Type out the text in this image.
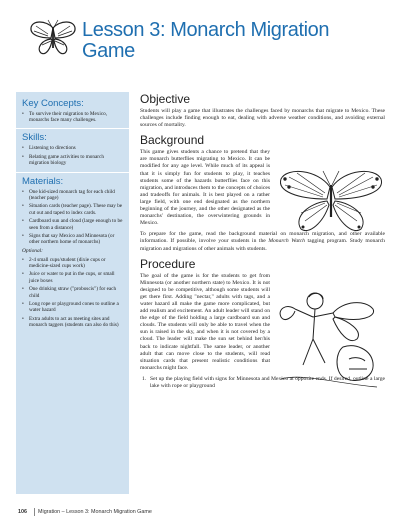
Lesson 3: Monarch Migration
Game
Key Concepts:
• To survive their migration to Mexico, monarchs face many challenges.
Skills:
• Listening to directions
• Relating game activities to monarch migration biology
Materials:
• One kid-sized monarch tag for each child (teacher page)
• Situation cards (teacher page). These may be cut out and taped to index cards.
• Cardboard sun and cloud (large enough to be seen from a distance)
• Signs that say Mexico and Minnesota (or other northern home of monarchs)
Optional:
• 2-4 small cups/student (dixie cups or medicine-sized cups work)
• Juice or water to put in the cups, or small juice boxes
• One drinking straw ("proboscis") for each child
• Long rope or playground cones to outline a water hazard
• Extra adults to act as meeting sites and monarch taggers (students can also do this)
Objective

Students will play a game that illustrates the challenges faced by monarchs that migrate to Mexico. These challenges include finding enough to eat, dealing with adverse weather conditions, and avoiding external sources of mortality.

Background

This game gives students a chance to pretend that they are monarch butterflies migrating to Mexico. It can be modified for any age level. While much of its appeal is that it is simply fun for students to play, it teaches students some of the hazards butterflies face on this migration, and introduces them to the concepts of choices and tradeoffs for animals. It is best played on a rather large field, with one end designated as the northern beginning of the journey, and the other designated as the monarchs' destination, the overwintering grounds in Mexico.

To prepare for the game, read the background material on monarch migration, and other available information. If possible, involve your students in the Monarch Watch tagging program. Study monarch migration and migrations of other animals with students.

Procedure

The goal of the game is for the students to get from Minnesota (or another northern state) to Mexico. It is not designed to be competitive, although some students will get there first. Adding "nectar," adults with tags, and a water hazard all make the game more complicated, but add realism and excitement. An adult leader will stand on the edge of the field holding a large cardboard sun and clouds. The students will only be able to travel when the sun is raised in the sky, and when it is not covered by a cloud. The leader will make the sun set behind her/his back to indicate nightfall. The same leader, or another adult that can move close to the students, will read situation cards that present realistic conditions that monarchs might face.

1. Set up the playing field with signs for Minnesota and Mexico at opposite ends. If desired, outline a large lake with rope or playground
106 Migration – Lesson 3: Monarch Migration Game
